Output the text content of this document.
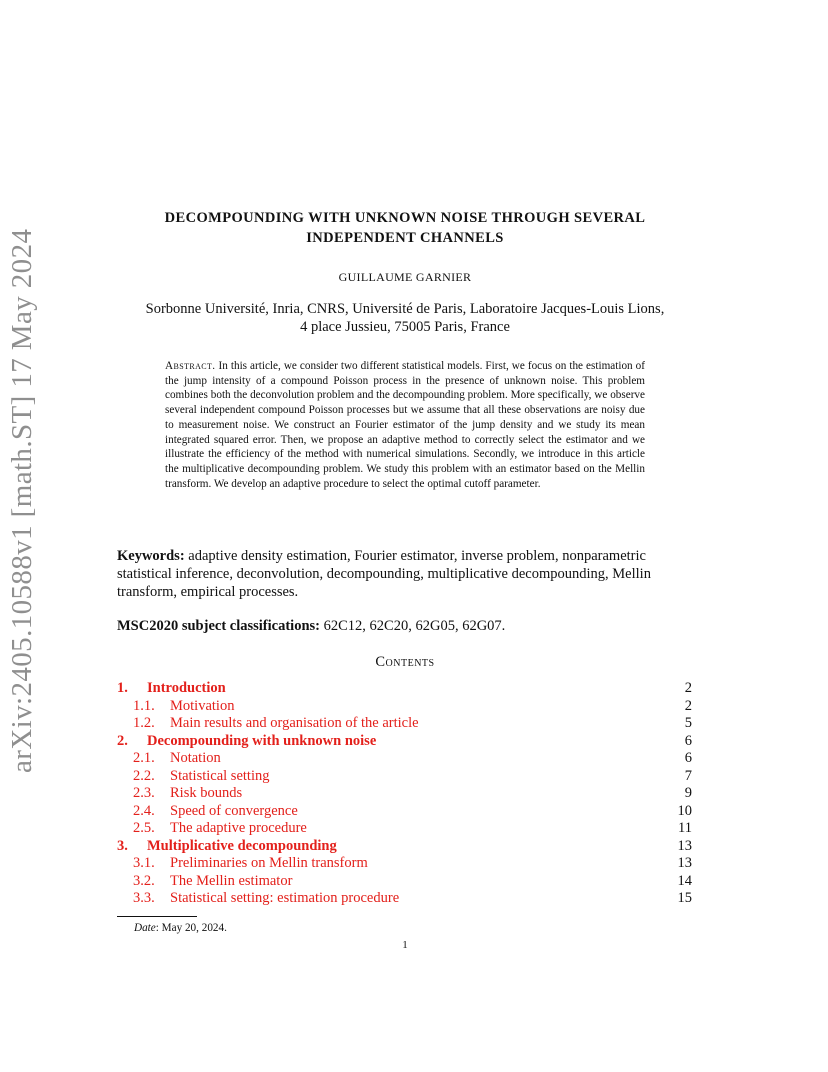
arXiv:2405.10588v1 [math.ST] 17 May 2024
DECOMPOUNDING WITH UNKNOWN NOISE THROUGH SEVERAL
INDEPENDENT CHANNELS
GUILLAUME GARNIER
Sorbonne Université, Inria, CNRS, Université de Paris, Laboratoire Jacques-Louis Lions,
4 place Jussieu, 75005 Paris, France
Abstract. In this article, we consider two different statistical models. First, we focus on the estimation of the jump intensity of a compound Poisson process in the presence of unknown noise. This problem combines both the deconvolution problem and the decompounding problem. More specifically, we observe several independent compound Poisson processes but we assume that all these observations are noisy due to measurement noise. We construct an Fourier estimator of the jump density and we study its mean integrated squared error. Then, we propose an adaptive method to correctly select the estimator and we illustrate the efficiency of the method with numerical simulations. Secondly, we introduce in this article the multiplicative decompounding problem. We study this problem with an estimator based on the Mellin transform. We develop an adaptive procedure to select the optimal cutoff parameter.
Keywords: adaptive density estimation, Fourier estimator, inverse problem, nonparametric statistical inference, deconvolution, decompounding, multiplicative decompounding, Mellin transform, empirical processes.
MSC2020 subject classifications: 62C12, 62C20, 62G05, 62G07.
Contents
1. Introduction	2
1.1. Motivation	2
1.2. Main results and organisation of the article	5
2. Decompounding with unknown noise	6
2.1. Notation	6
2.2. Statistical setting	7
2.3. Risk bounds	9
2.4. Speed of convergence	10
2.5. The adaptive procedure	11
3. Multiplicative decompounding	13
3.1. Preliminaries on Mellin transform	13
3.2. The Mellin estimator	14
3.3. Statistical setting: estimation procedure	15
Date: May 20, 2024.
1
